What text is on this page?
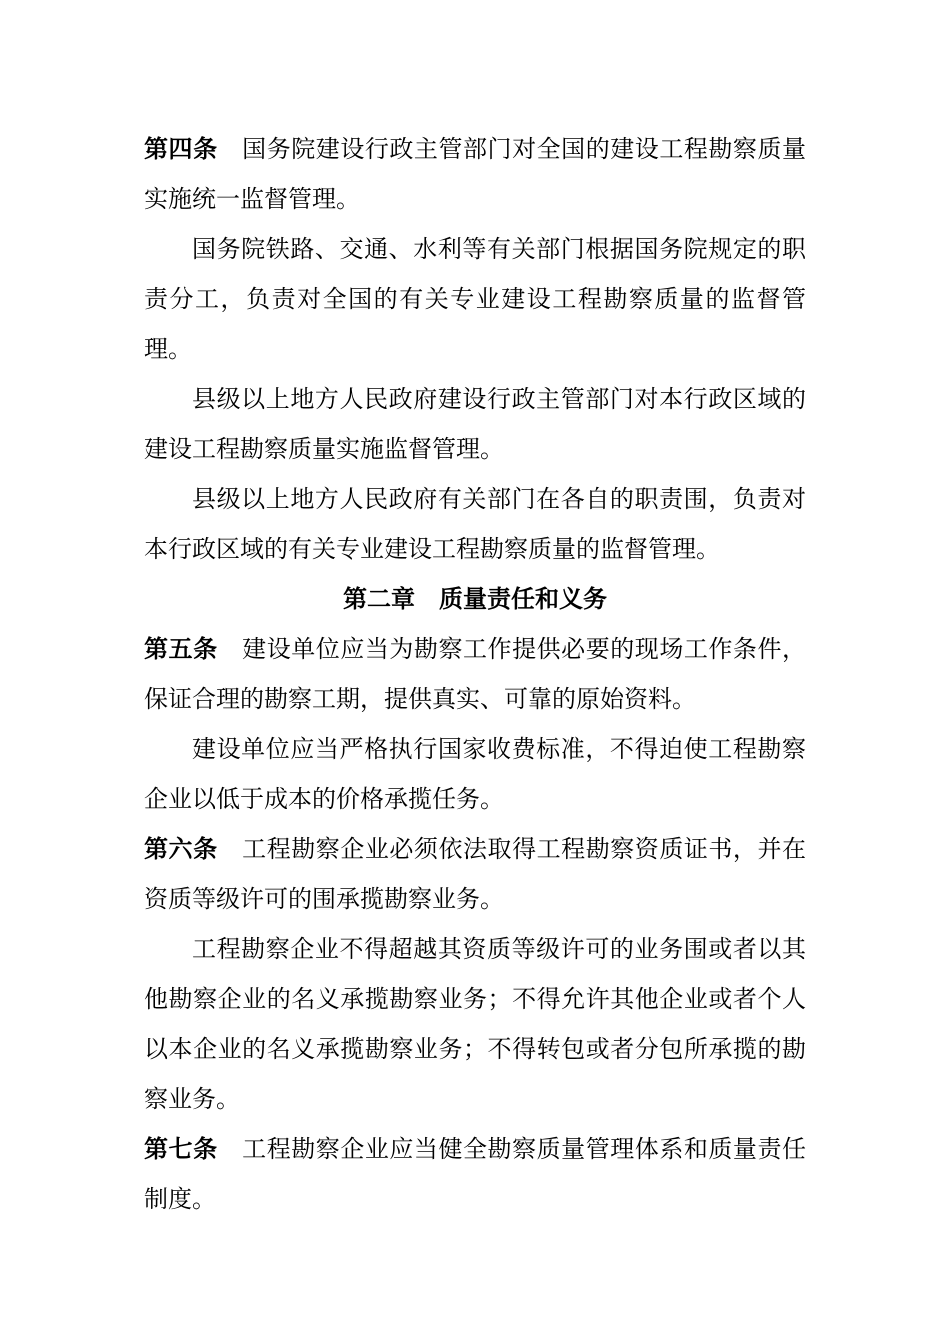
第四条 国务院建设行政主管部门对全国的建设工程勘察质量实施统一监督管理。

国务院铁路、交通、水利等有关部门根据国务院规定的职责分工，负责对全国的有关专业建设工程勘察质量的监督管理。

县级以上地方人民政府建设行政主管部门对本行政区域的建设工程勘察质量实施监督管理。

县级以上地方人民政府有关部门在各自的职责围，负责对本行政区域的有关专业建设工程勘察质量的监督管理。

第二章 质量责任和义务

第五条 建设单位应当为勘察工作提供必要的现场工作条件，保证合理的勘察工期，提供真实、可靠的原始资料。

建设单位应当严格执行国家收费标准，不得迫使工程勘察企业以低于成本的价格承揽任务。

第六条 工程勘察企业必须依法取得工程勘察资质证书，并在资质等级许可的围承揽勘察业务。

工程勘察企业不得超越其资质等级许可的业务围或者以其他勘察企业的名义承揽勘察业务；不得允许其他企业或者个人以本企业的名义承揽勘察业务；不得转包或者分包所承揽的勘察业务。

第七条 工程勘察企业应当健全勘察质量管理体系和质量责任制度。
